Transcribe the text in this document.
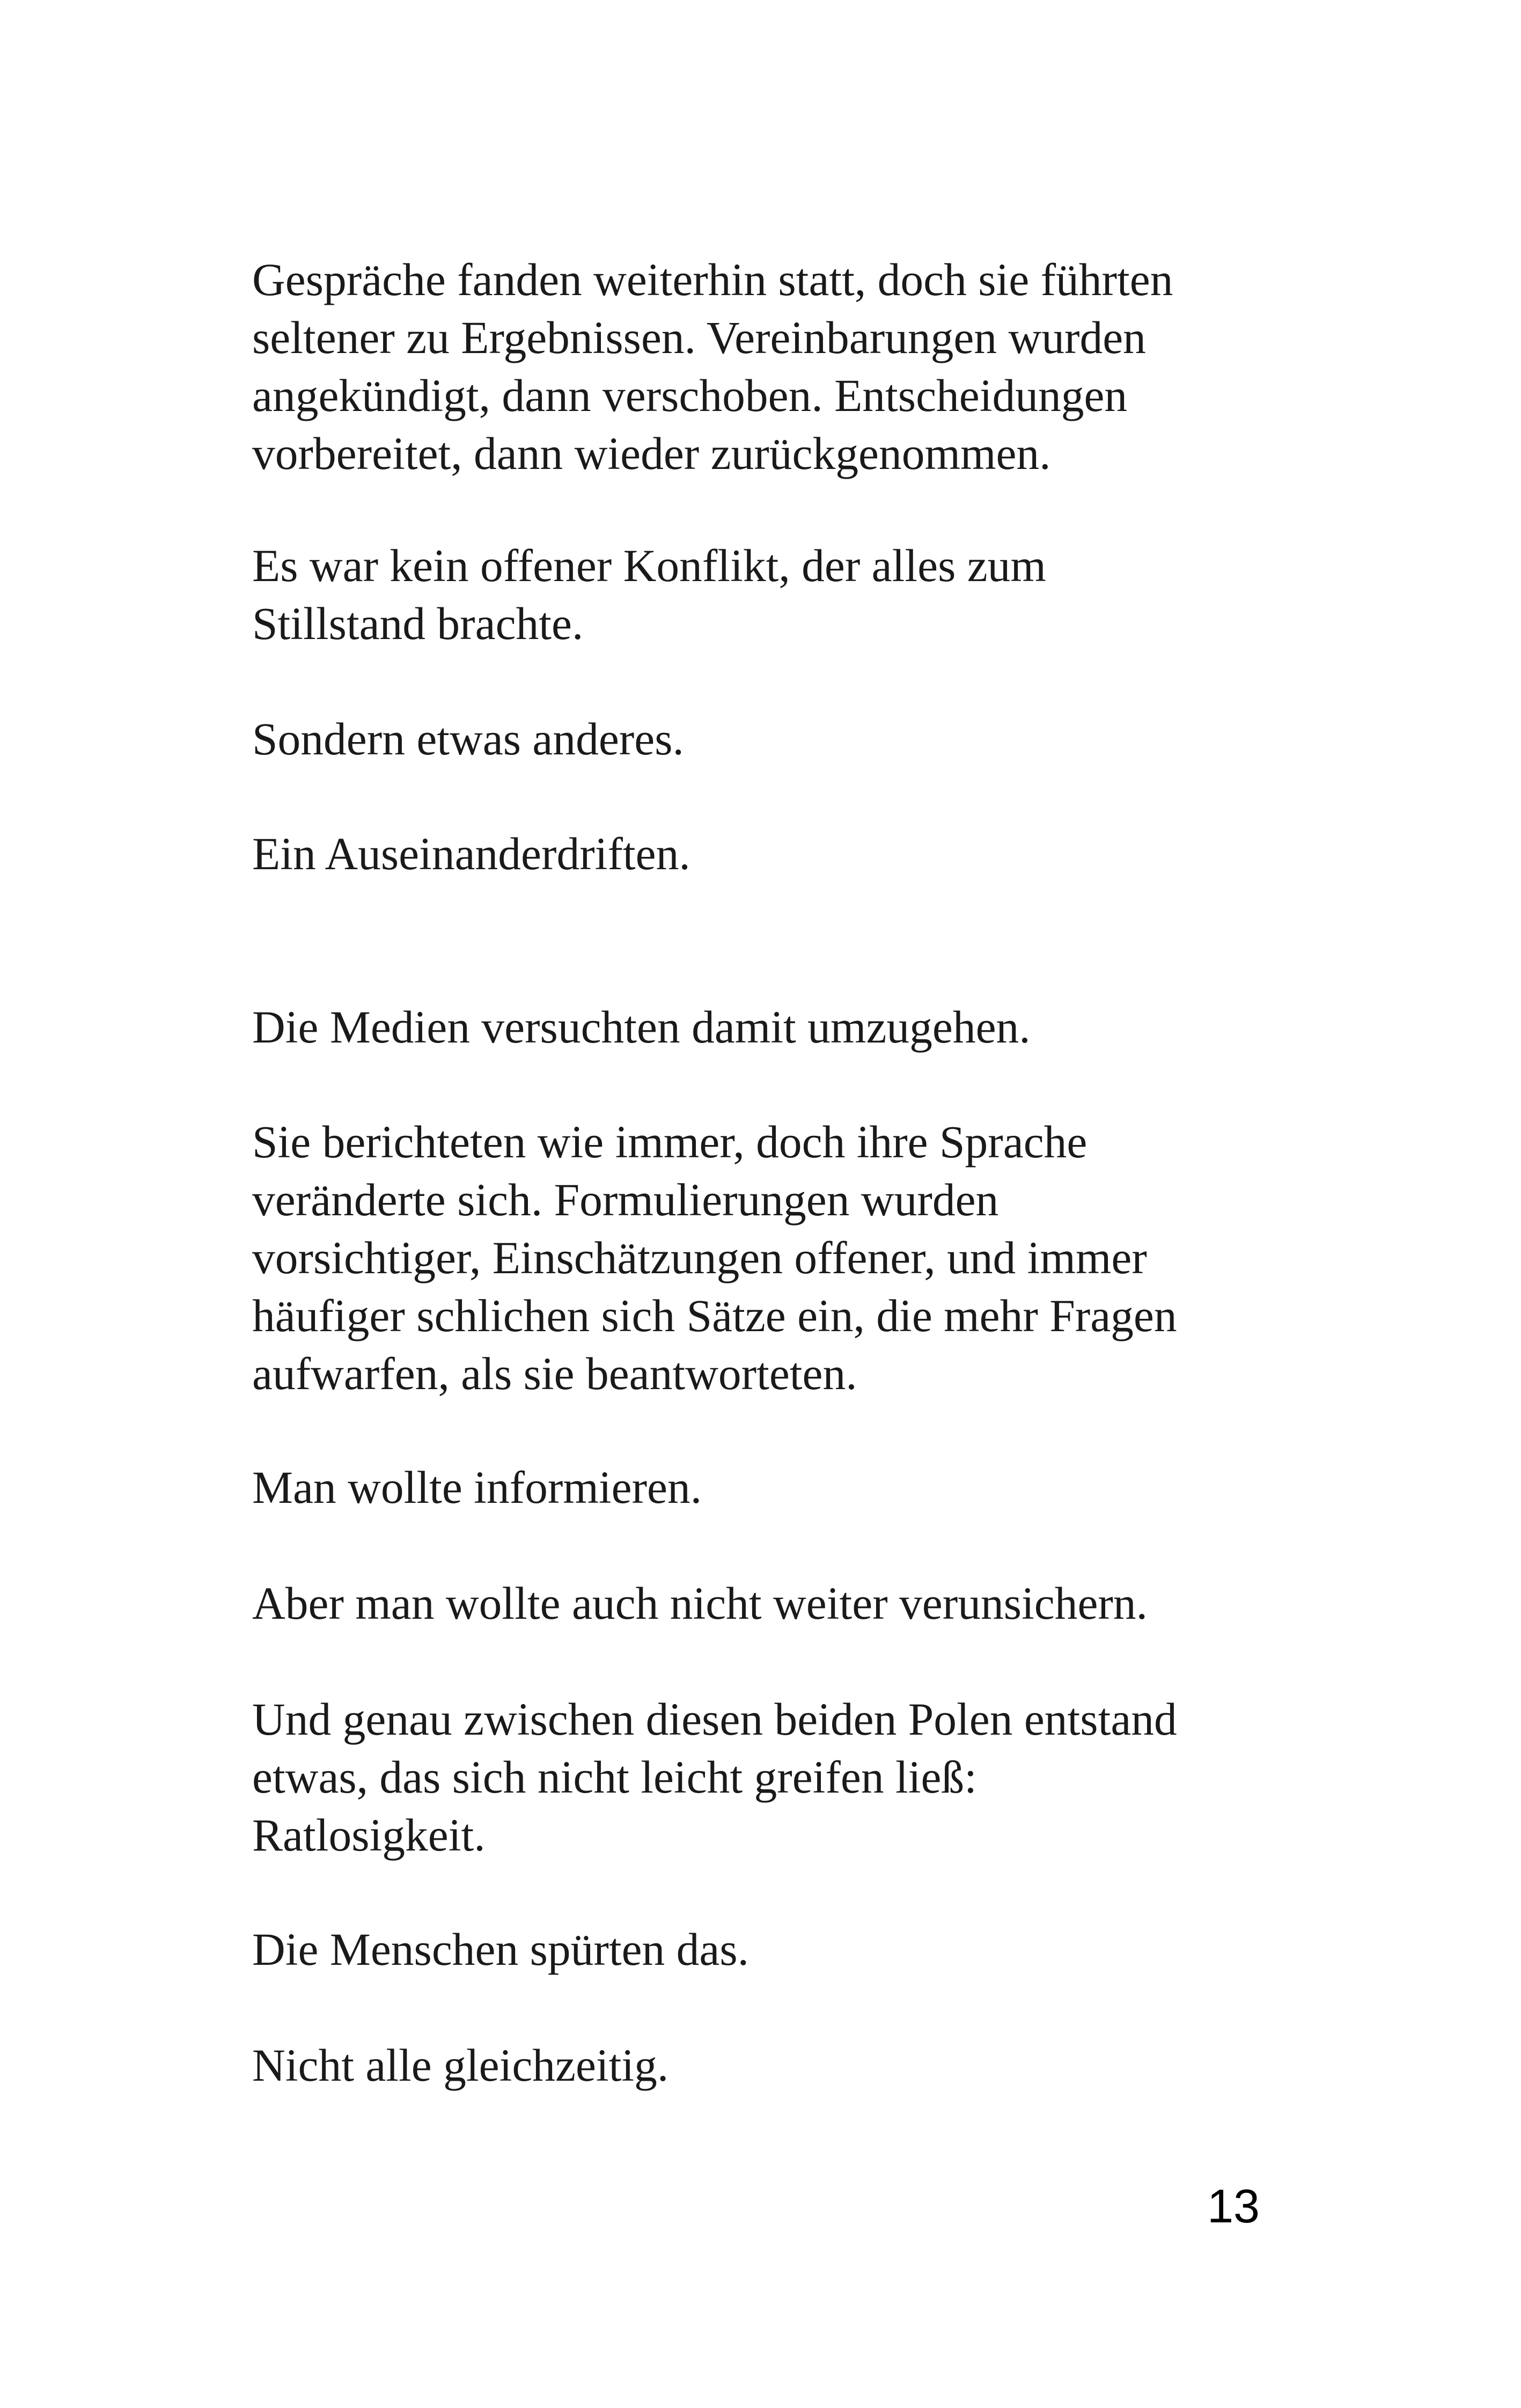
Gespräche fanden weiterhin statt, doch sie führten
seltener zu Ergebnissen. Vereinbarungen wurden
angekündigt, dann verschoben. Entscheidungen
vorbereitet, dann wieder zurückgenommen.

Es war kein offener Konflikt, der alles zum
Stillstand brachte.

Sondern etwas anderes.

Ein Auseinanderdriften.

Die Medien versuchten damit umzugehen.

Sie berichteten wie immer, doch ihre Sprache
veränderte sich. Formulierungen wurden
vorsichtiger, Einschätzungen offener, und immer
häufiger schlichen sich Sätze ein, die mehr Fragen
aufwarfen, als sie beantworteten.

Man wollte informieren.

Aber man wollte auch nicht weiter verunsichern.

Und genau zwischen diesen beiden Polen entstand
etwas, das sich nicht leicht greifen ließ:
Ratlosigkeit.

Die Menschen spürten das.

Nicht alle gleichzeitig.

13
